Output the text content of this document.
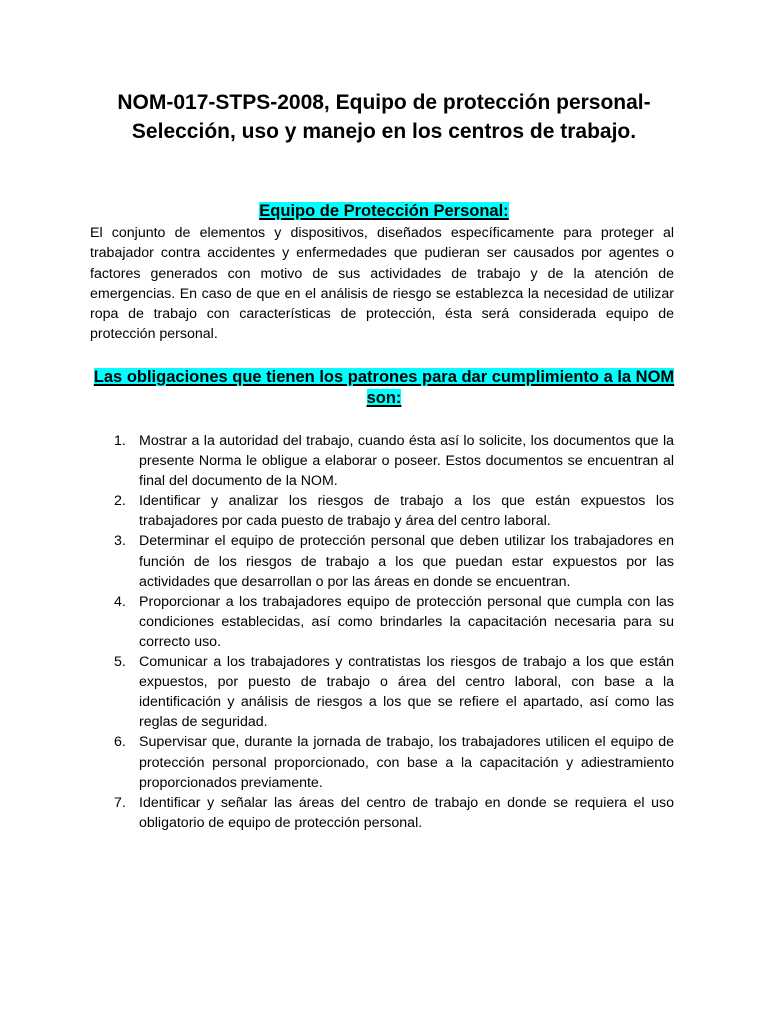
NOM-017-STPS-2008, Equipo de protección personal-Selección, uso y manejo en los centros de trabajo.
Equipo de Protección Personal:

El conjunto de elementos y dispositivos, diseñados específicamente para proteger al trabajador contra accidentes y enfermedades que pudieran ser causados por agentes o factores generados con motivo de sus actividades de trabajo y de la atención de emergencias. En caso de que en el análisis de riesgo se establezca la necesidad de utilizar ropa de trabajo con características de protección, ésta será considerada equipo de protección personal.

Las obligaciones que tienen los patrones para dar cumplimiento a la NOM son:
1. Mostrar a la autoridad del trabajo, cuando ésta así lo solicite, los documentos que la presente Norma le obligue a elaborar o poseer. Estos documentos se encuentran al final del documento de la NOM.
2. Identificar y analizar los riesgos de trabajo a los que están expuestos los trabajadores por cada puesto de trabajo y área del centro laboral.
3. Determinar el equipo de protección personal que deben utilizar los trabajadores en función de los riesgos de trabajo a los que puedan estar expuestos por las actividades que desarrollan o por las áreas en donde se encuentran.
4. Proporcionar a los trabajadores equipo de protección personal que cumpla con las condiciones establecidas, así como brindarles la capacitación necesaria para su correcto uso.
5. Comunicar a los trabajadores y contratistas los riesgos de trabajo a los que están expuestos, por puesto de trabajo o área del centro laboral, con base a la identificación y análisis de riesgos a los que se refiere el apartado, así como las reglas de seguridad.
6. Supervisar que, durante la jornada de trabajo, los trabajadores utilicen el equipo de protección personal proporcionado, con base a la capacitación y adiestramiento proporcionados previamente.
7. Identificar y señalar las áreas del centro de trabajo en donde se requiera el uso obligatorio de equipo de protección personal.
